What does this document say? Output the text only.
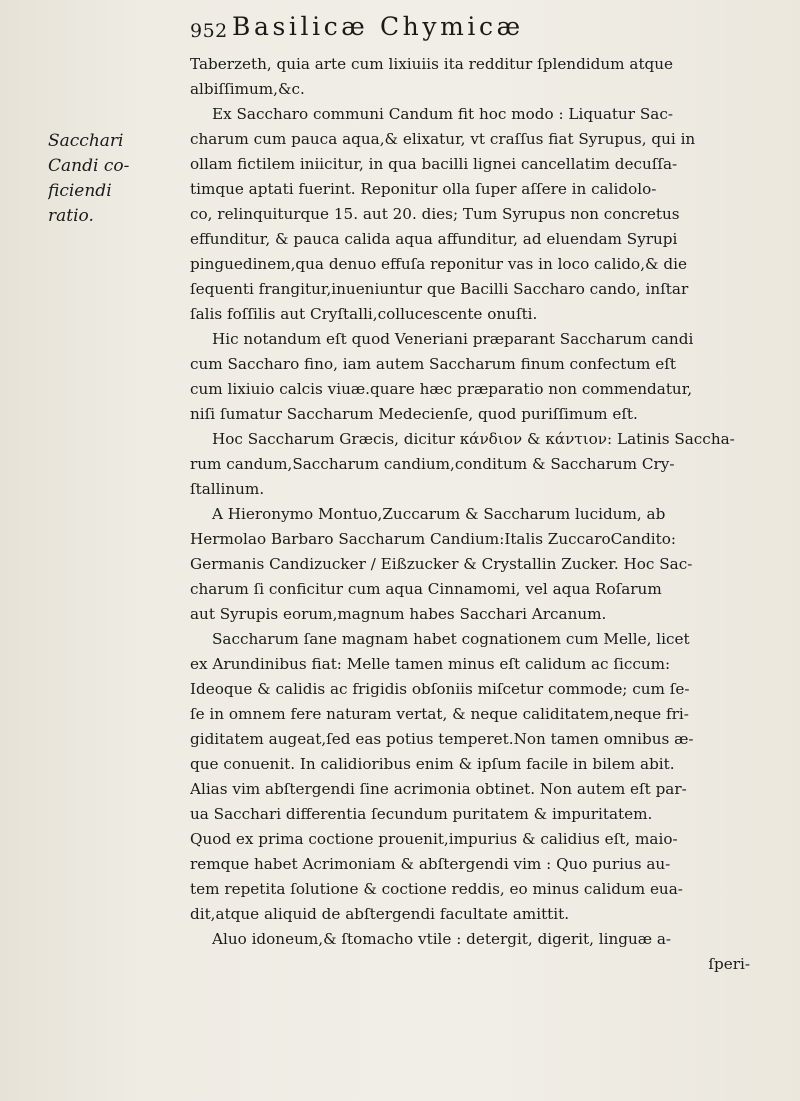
952 Basilicæ Chymicæ
Sacchari
Candi co-
ficiendi
ratio.
Taberzeth, quia arte cum lixiuiis ita redditur ſplendidum atque
albiſſimum,&c.
Ex Saccharo communi Candum fit hoc modo : Liquatur Sac-
charum cum pauca aqua,& elixatur, vt craſſus fiat Syrupus, qui in
ollam fictilem iniicitur, in qua bacilli lignei cancellatim decuſſa-
timque aptati fuerint. Reponitur olla ſuper aſſere in calidolo-
co, relinquiturque 15. aut 20. dies; Tum Syrupus non concretus
effunditur, & pauca calida aqua affunditur, ad eluendam Syrupi
pinguedinem,qua denuo effuſa reponitur vas in loco calido,& die
ſequenti frangitur,inueniuntur que Bacilli Saccharo cando, inſtar
ſalis foſſilis aut Cryſtalli,collucescente onuſti.
Hic notandum eſt quod Veneriani præparant Saccharum candi
cum Saccharo fino, iam autem Saccharum finum confectum eſt
cum lixiuio calcis viuæ.quare hæc præparatio non commendatur,
niſi ſumatur Saccharum Medecienſe, quod puriſſimum eſt.
Hoc Saccharum Græcis, dicitur κάνδιον & κάντιον: Latinis Saccha-
rum candum,Saccharum candium,conditum & Saccharum Cry-
ſtallinum.
A Hieronymo Montuo,Zuccarum & Saccharum lucidum, ab
Hermolao Barbaro Saccharum Candium:Italis ZuccaroCandito:
Germanis Candizucker / Eißzucker & Crystallin Zucker. Hoc Sac-
charum ſi conficitur cum aqua Cinnamomi, vel aqua Roſarum
aut Syrupis eorum,magnum habes Sacchari Arcanum.
Saccharum ſane magnam habet cognationem cum Melle, licet
ex Arundinibus fiat: Melle tamen minus eſt calidum ac ſiccum:
Ideoque & calidis ac frigidis obſoniis miſcetur commode; cum ſe-
ſe in omnem fere naturam vertat, & neque caliditatem,neque fri-
giditatem augeat,ſed eas potius temperet.Non tamen omnibus æ-
que conuenit. In calidioribus enim & ipſum facile in bilem abit.
Alias vim abſtergendi ſine acrimonia obtinet. Non autem eſt par-
ua Sacchari differentia ſecundum puritatem & impuritatem.
Quod ex prima coctione prouenit,impurius & calidius eſt, maio-
remque habet Acrimoniam & abſtergendi vim : Quo purius au-
tem repetita ſolutione & coctione reddis, eo minus calidum eua-
dit,atque aliquid de abſtergendi facultate amittit.
Aluo idoneum,& ſtomacho vtile : detergit, digerit, linguæ a-
ſperi-
